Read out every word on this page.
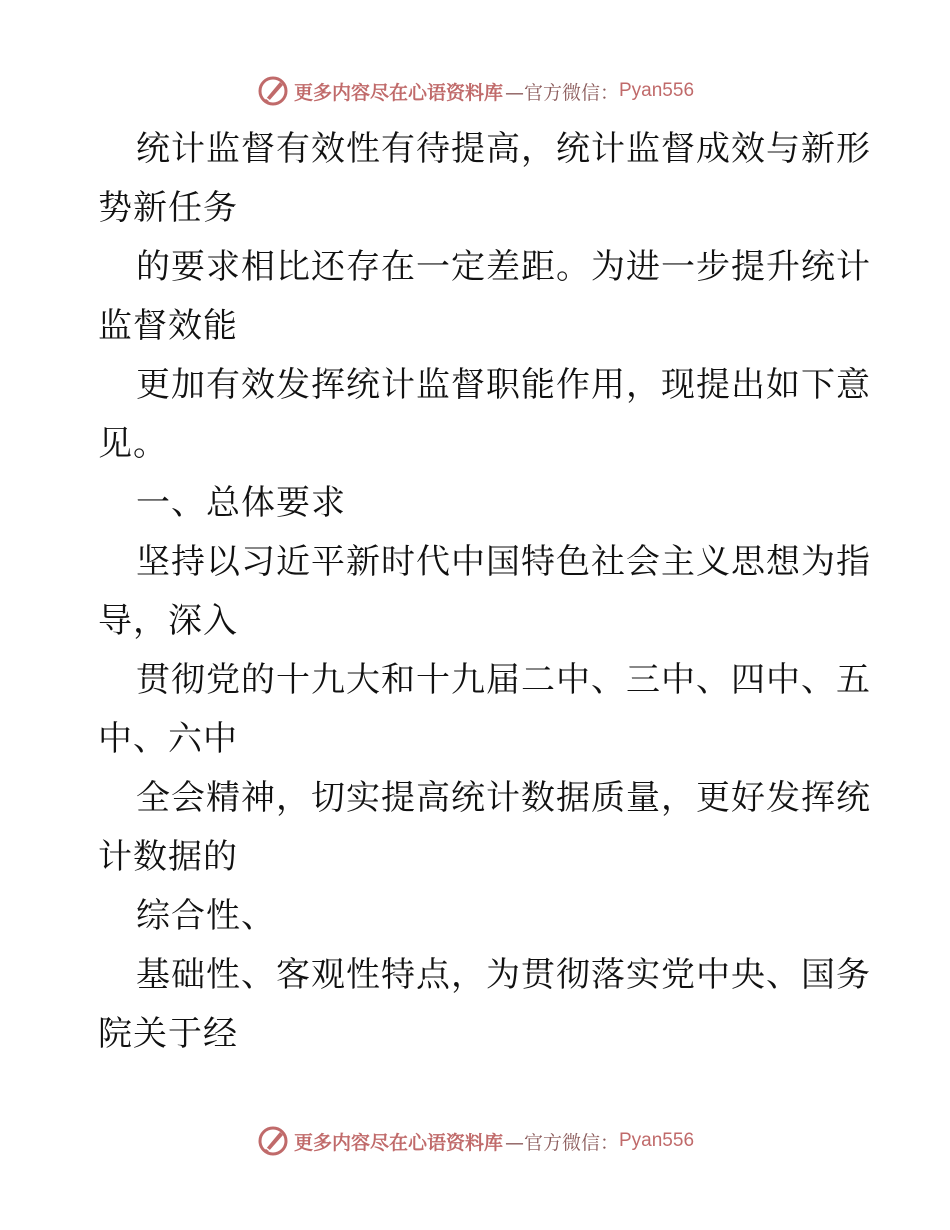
更多内容尽在心语资料库 —官方微信： Pyan556
统计监督有效性有待提高，统计监督成效与新形
势新任务
的要求相比还存在一定差距。为进一步提升统计
监督效能
更加有效发挥统计监督职能作用，现提出如下意
见。
一、总体要求
坚持以习近平新时代中国特色社会主义思想为指
导，深入
贯彻党的十九大和十九届二中、三中、四中、五
中、六中
全会精神，切实提高统计数据质量，更好发挥统
计数据的
综合性、
基础性、客观性特点，为贯彻落实党中央、国务
院关于经
更多内容尽在心语资料库 —官方微信： Pyan556
